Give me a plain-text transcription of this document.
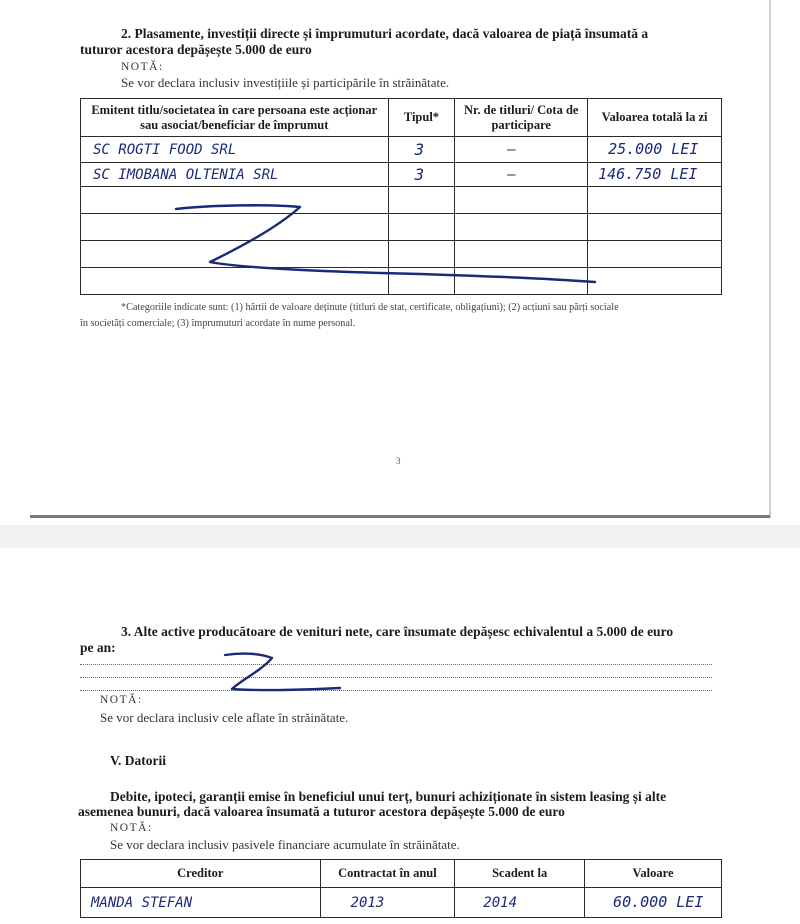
2. Plasamente, investiții directe și împrumuturi acordate, dacă valoarea de piață însumată a
tuturor acestora depășește 5.000 de euro
NOTĂ:
Se vor declara inclusiv investițiile și participările în străinătate.
Emitent titlu/societatea în care persoana este acționar sau asociat/beneficiar de împrumut	Tipul*	Nr. de titluri/ Cota de participare	Valoarea totală la zi
SC ROGTI FOOD SRL	3	—	25.000 LEI
SC IMOBANA OLTENIA SRL	3	—	146.750 LEI

*Categoriile indicate sunt: (1) hârtii de valoare deținute (titluri de stat, certificate, obligațiuni); (2) acțiuni sau părți sociale
în societăți comerciale; (3) împrumuturi acordate în nume personal.
3
3. Alte active producătoare de venituri nete, care însumate depășesc echivalentul a 5.000 de euro
pe an:
NOTĂ:
Se vor declara inclusiv cele aflate în străinătate.
V. Datorii
Debite, ipoteci, garanții emise în beneficiul unui terț, bunuri achiziționate în sistem leasing și alte
asemenea bunuri, dacă valoarea însumată a tuturor acestora depășește 5.000 de euro
NOTĂ:
Se vor declara inclusiv pasivele financiare acumulate în străinătate.
Creditor	Contractat în anul	Scadent la	Valoare
MANDA STEFAN	2013	2014	60.000 LEI
